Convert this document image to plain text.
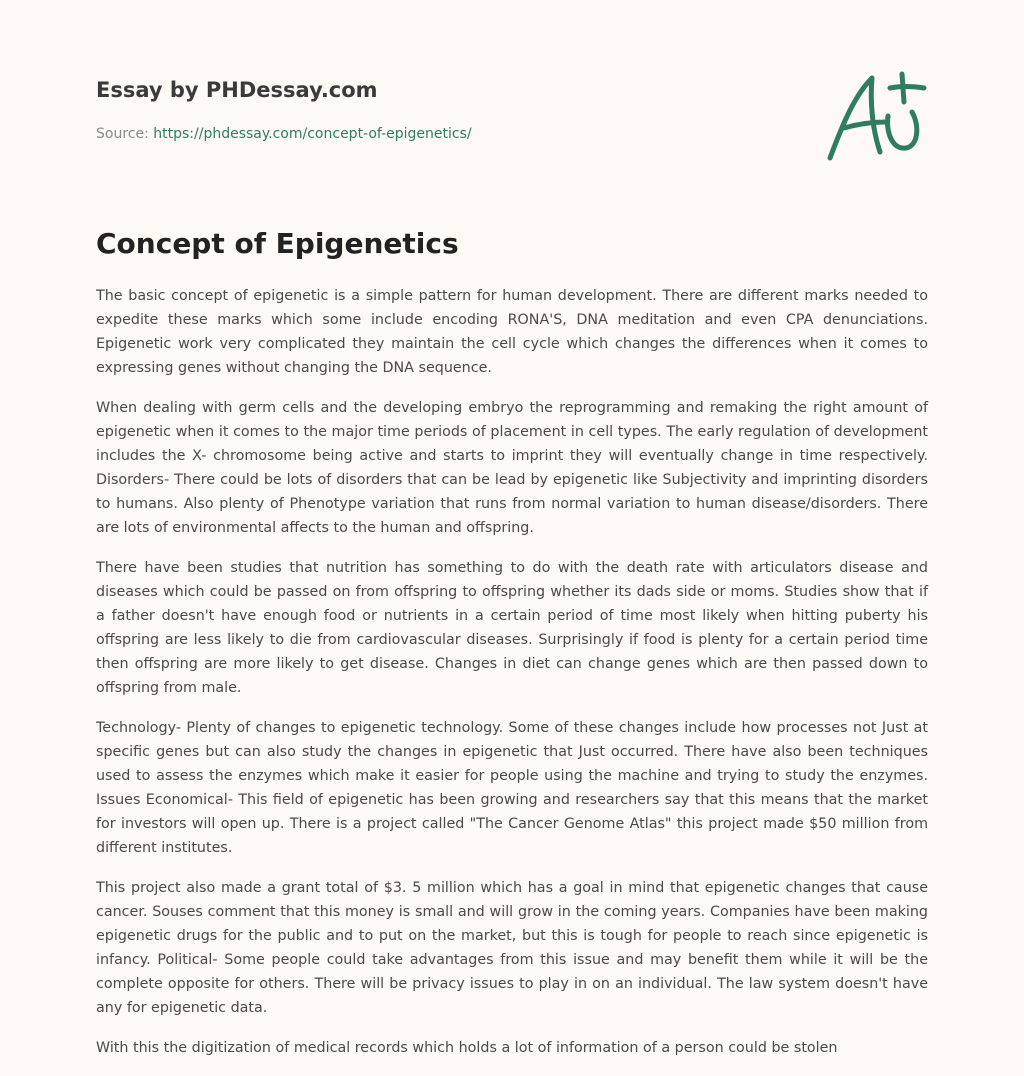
Essay by PHDessay.com
Source: https://phdessay.com/concept-of-epigenetics/
Concept of Epigenetics

The basic concept of epigenetic is a simple pattern for human development. There are different marks needed to expedite these marks which some include encoding RONA'S, DNA meditation and even CPA denunciations. Epigenetic work very complicated they maintain the cell cycle which changes the differences when it comes to expressing genes without changing the DNA sequence.

When dealing with germ cells and the developing embryo the reprogramming and remaking the right amount of epigenetic when it comes to the major time periods of placement in cell types. The early regulation of development includes the X- chromosome being active and starts to imprint they will eventually change in time respectively. Disorders- There could be lots of disorders that can be lead by epigenetic like Subjectivity and imprinting disorders to humans. Also plenty of Phenotype variation that runs from normal variation to human disease/disorders. There are lots of environmental affects to the human and offspring.

There have been studies that nutrition has something to do with the death rate with articulators disease and diseases which could be passed on from offspring to offspring whether its dads side or moms. Studies show that if a father doesn't have enough food or nutrients in a certain period of time most likely when hitting puberty his offspring are less likely to die from cardiovascular diseases. Surprisingly if food is plenty for a certain period time then offspring are more likely to get disease. Changes in diet can change genes which are then passed down to offspring from male.

Technology- Plenty of changes to epigenetic technology. Some of these changes include how processes not Just at specific genes but can also study the changes in epigenetic that Just occurred. There have also been techniques used to assess the enzymes which make it easier for people using the machine and trying to study the enzymes. Issues Economical- This field of epigenetic has been growing and researchers say that this means that the market for investors will open up. There is a project called "The Cancer Genome Atlas" this project made $50 million from different institutes.

This project also made a grant total of $3. 5 million which has a goal in mind that epigenetic changes that cause cancer. Souses comment that this money is small and will grow in the coming years. Companies have been making epigenetic drugs for the public and to put on the market, but this is tough for people to reach since epigenetic is infancy. Political- Some people could take advantages from this issue and may benefit them while it will be the complete opposite for others. There will be privacy issues to play in on an individual. The law system doesn't have any for epigenetic data.

With this the digitization of medical records which holds a lot of information of a person could be stolen
